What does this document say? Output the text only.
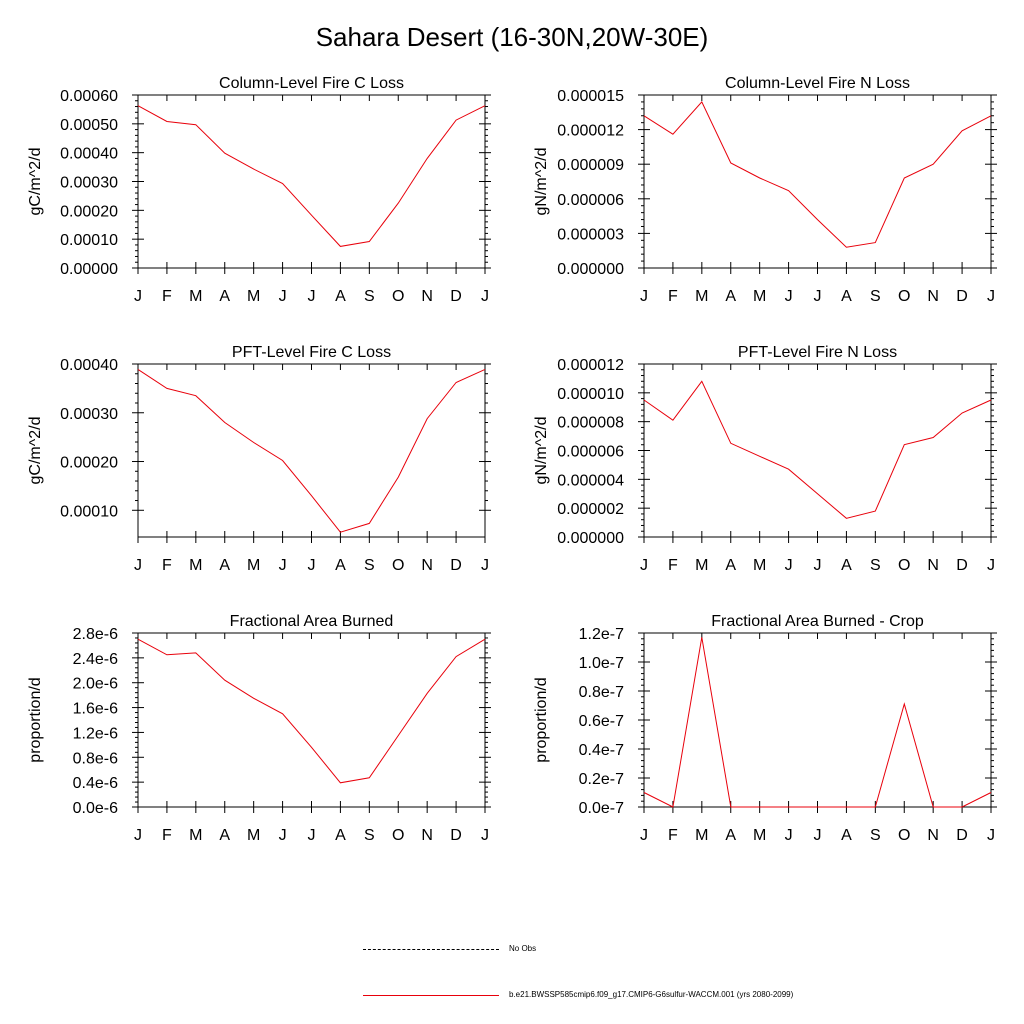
Sahara Desert (16-30N,20W-30E)
Column-Level Fire C Loss
gC/m^2/d
J F M A M J J A S O N D J
0.00000
0.00010
0.00020
0.00030
0.00040
0.00050
0.00060
Column-Level Fire N Loss
gN/m^2/d
J F M A M J J A S O N D J
0.000000
0.000003
0.000006
0.000009
0.000012
0.000015
PFT-Level Fire C Loss
gC/m^2/d
J F M A M J J A S O N D J
0.00010
0.00020
0.00030
0.00040
PFT-Level Fire N Loss
gN/m^2/d
J F M A M J J A S O N D J
0.000000
0.000002
0.000004
0.000006
0.000008
0.000010
0.000012
Fractional Area Burned
proportion/d
J F M A M J J A S O N D J
0.0e-6
0.4e-6
0.8e-6
1.2e-6
1.6e-6
2.0e-6
2.4e-6
2.8e-6
Fractional Area Burned - Crop
proportion/d
J F M A M J J A S O N D J
0.0e-7
0.2e-7
0.4e-7
0.6e-7
0.8e-7
1.0e-7
1.2e-7
No Obs
b.e21.BWSSP585cmip6.f09_g17.CMIP6-G6sulfur-WACCM.001 (yrs 2080-2099)
